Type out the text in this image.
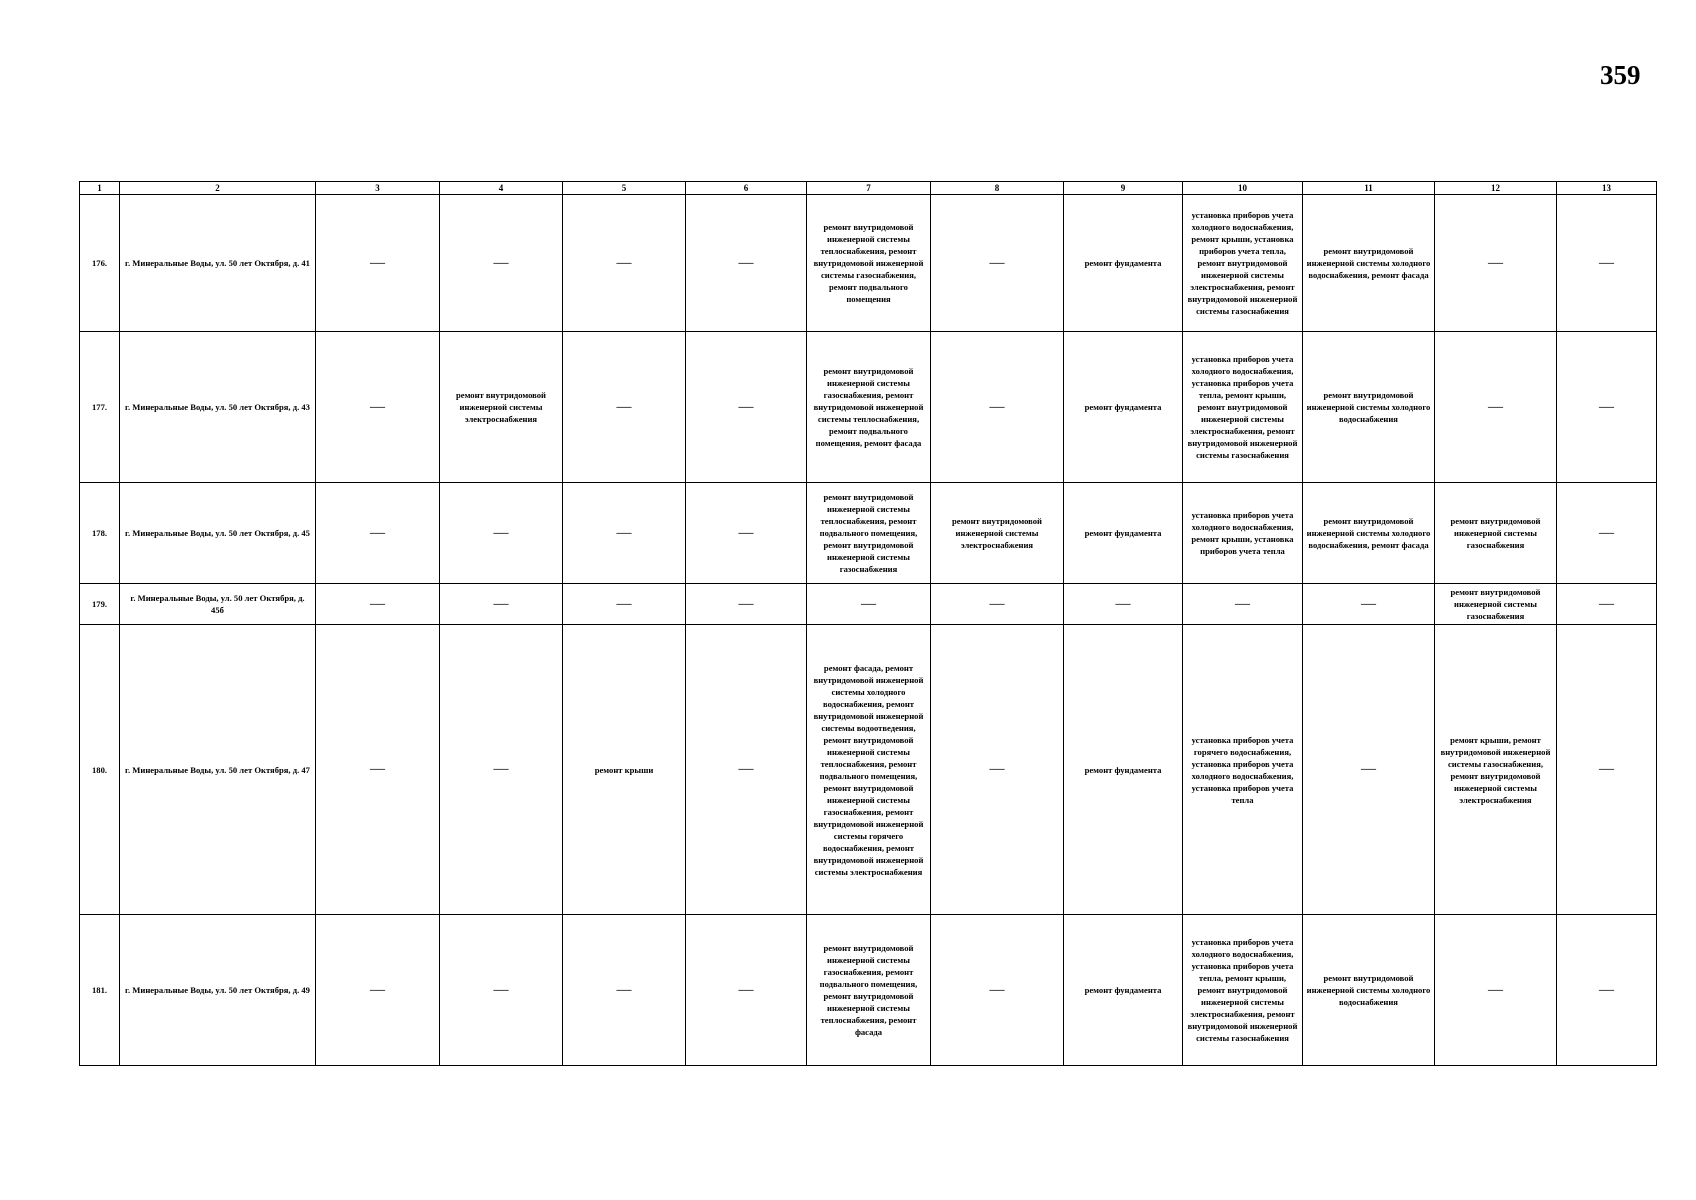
359
1	2	3	4	5	6	7	8	9	10	11	12	13
176.	г. Минеральные Воды, ул. 50 лет Октября, д. 41	—	—	—	—	ремонт внутридомовой инженерной системы теплоснабжения, ремонт внутридомовой инженерной системы газоснабжения, ремонт подвального помещения	—	ремонт фундамента	установка приборов учета холодного водоснабжения, ремонт крыши, установка приборов учета тепла, ремонт внутридомовой инженерной системы электроснабжения, ремонт внутридомовой инженерной системы газоснабжения	ремонт внутридомовой инженерной системы холодного водоснабжения, ремонт фасада	—	—
177.	г. Минеральные Воды, ул. 50 лет Октября, д. 43	—	ремонт внутридомовой инженерной системы электроснабжения	—	—	ремонт внутридомовой инженерной системы газоснабжения, ремонт внутридомовой инженерной системы теплоснабжения, ремонт подвального помещения, ремонт фасада	—	ремонт фундамента	установка приборов учета холодного водоснабжения, установка приборов учета тепла, ремонт крыши, ремонт внутридомовой инженерной системы электроснабжения, ремонт внутридомовой инженерной системы газоснабжения	ремонт внутридомовой инженерной системы холодного водоснабжения	—	—
178.	г. Минеральные Воды, ул. 50 лет Октября, д. 45	—	—	—	—	ремонт внутридомовой инженерной системы теплоснабжения, ремонт подвального помещения, ремонт внутридомовой инженерной системы газоснабжения	ремонт внутридомовой инженерной системы электроснабжения	ремонт фундамента	установка приборов учета холодного водоснабжения, ремонт крыши, установка приборов учета тепла	ремонт внутридомовой инженерной системы холодного водоснабжения, ремонт фасада	ремонт внутридомовой инженерной системы газоснабжения	—
179.	г. Минеральные Воды, ул. 50 лет Октября, д. 45б	—	—	—	—	—	—	—	—	—	ремонт внутридомовой инженерной системы газоснабжения	—
180.	г. Минеральные Воды, ул. 50 лет Октября, д. 47	—	—	ремонт крыши	—	ремонт фасада, ремонт внутридомовой инженерной системы холодного водоснабжения, ремонт внутридомовой инженерной системы водоотведения, ремонт внутридомовой инженерной системы теплоснабжения, ремонт подвального помещения, ремонт внутридомовой инженерной системы газоснабжения, ремонт внутридомовой инженерной системы горячего водоснабжения, ремонт внутридомовой инженерной системы электроснабжения	—	ремонт фундамента	установка приборов учета горячего водоснабжения, установка приборов учета холодного водоснабжения, установка приборов учета тепла	—	ремонт крыши, ремонт внутридомовой инженерной системы газоснабжения, ремонт внутридомовой инженерной системы электроснабжения	—
181.	г. Минеральные Воды, ул. 50 лет Октября, д. 49	—	—	—	—	ремонт внутридомовой инженерной системы газоснабжения, ремонт подвального помещения, ремонт внутридомовой инженерной системы теплоснабжения, ремонт фасада	—	ремонт фундамента	установка приборов учета холодного водоснабжения, установка приборов учета тепла, ремонт крыши, ремонт внутридомовой инженерной системы электроснабжения, ремонт внутридомовой инженерной системы газоснабжения	ремонт внутридомовой инженерной системы холодного водоснабжения	—	—
